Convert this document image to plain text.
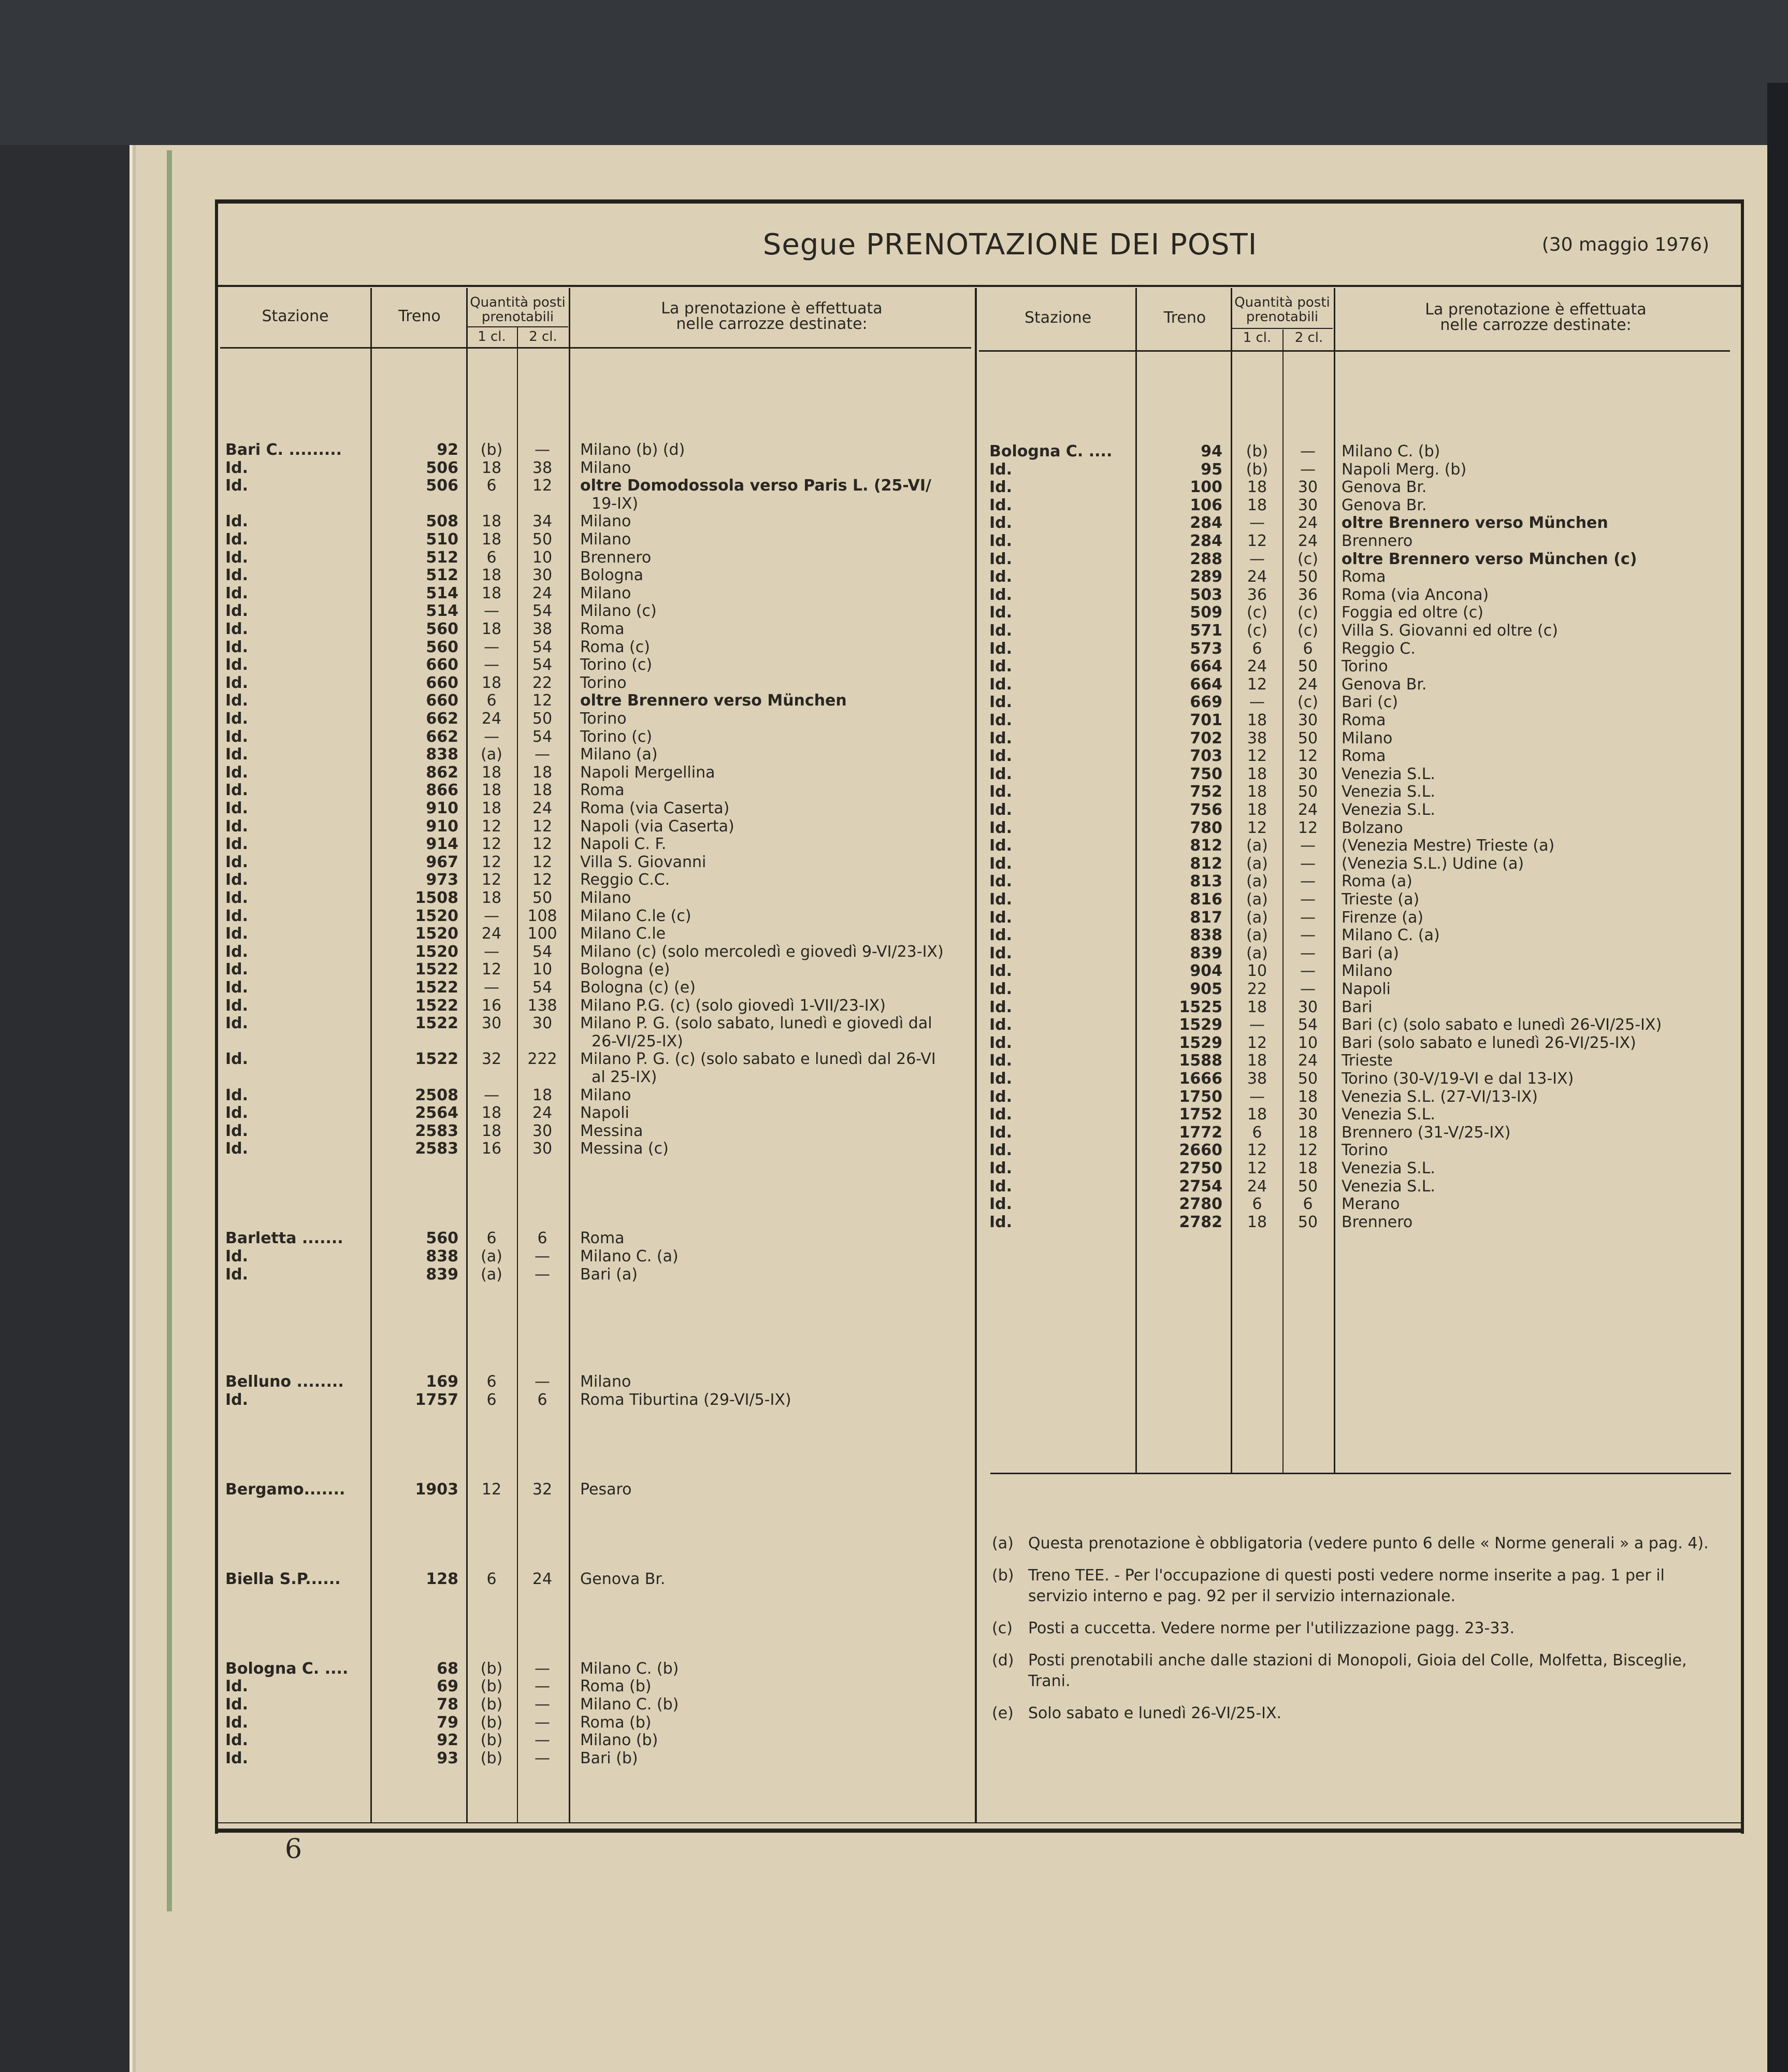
Segue PRENOTAZIONE DEI POSTI	(30 maggio 1976)
Stazione	Treno
Quantità posti
prenotabili
1 cl.	2 cl.
La prenotazione è effettuata
nelle carrozze destinate:	Stazione	Treno
Quantità posti
prenotabili
1 cl.	2 cl.
La prenotazione è effettuata
nelle carrozze destinate:
Bari C. .........	92	(b)	—	Milano (b) (d)
Id.	506	18	38	Milano
Id.	506	6	12	oltre Domodossola verso Paris L. (25-VI/
19-IX)
Id.	508	18	34	Milano
Id.	510	18	50	Milano
Id.	512	6	10	Brennero
Id.	512	18	30	Bologna
Id.	514	18	24	Milano
Id.	514	—	54	Milano (c)
Id.	560	18	38	Roma
Id.	560	—	54	Roma (c)
Id.	660	—	54	Torino (c)
Id.	660	18	22	Torino
Id.	660	6	12	oltre Brennero verso München
Id.	662	24	50	Torino
Id.	662	—	54	Torino (c)
Id.	838	(a)	—	Milano (a)
Id.	862	18	18	Napoli Mergellina
Id.	866	18	18	Roma
Id.	910	18	24	Roma (via Caserta)
Id.	910	12	12	Napoli (via Caserta)
Id.	914	12	12	Napoli C. F.
Id.	967	12	12	Villa S. Giovanni
Id.	973	12	12	Reggio C.C.
Id.	1508	18	50	Milano
Id.	1520	—	108	Milano C.le (c)
Id.	1520	24	100	Milano C.le
Id.	1520	—	54	Milano (c) (solo mercoledì e giovedì 9-VI/23-IX)
Id.	1522	12	10	Bologna (e)
Id.	1522	—	54	Bologna (c) (e)
Id.	1522	16	138	Milano P.G. (c) (solo giovedì 1-VII/23-IX)
Id.	1522	30	30	Milano P. G. (solo sabato, lunedì e giovedì dal
26-VI/25-IX)
Id.	1522	32	222	Milano P. G. (c) (solo sabato e lunedì dal 26-VI
al 25-IX)
Id.	2508	—	18	Milano
Id.	2564	18	24	Napoli
Id.	2583	18	30	Messina
Id.	2583	16	30	Messina (c)
Barletta .......	560	6	6	Roma
Id.	838	(a)	—	Milano C. (a)
Id.	839	(a)	—	Bari (a)
Belluno ........	169	6	—	Milano
Id.	1757	6	6	Roma Tiburtina (29-VI/5-IX)
Bergamo.......	1903	12	32	Pesaro
Biella S.P......	128	6	24	Genova Br.
Bologna C. ....	68	(b)	—	Milano C. (b)
Id.	69	(b)	—	Roma (b)
Id.	78	(b)	—	Milano C. (b)
Id.	79	(b)	—	Roma (b)
Id.	92	(b)	—	Milano (b)
Id.	93	(b)	—	Bari (b)
Bologna C. ....	94	(b)	—	Milano C. (b)
Id.	95	(b)	—	Napoli Merg. (b)
Id.	100	18	30	Genova Br.
Id.	106	18	30	Genova Br.
Id.	284	—	24	oltre Brennero verso München
Id.	284	12	24	Brennero
Id.	288	—	(c)	oltre Brennero verso München (c)
Id.	289	24	50	Roma
Id.	503	36	36	Roma (via Ancona)
Id.	509	(c)	(c)	Foggia ed oltre (c)
Id.	571	(c)	(c)	Villa S. Giovanni ed oltre (c)
Id.	573	6	6	Reggio C.
Id.	664	24	50	Torino
Id.	664	12	24	Genova Br.
Id.	669	—	(c)	Bari (c)
Id.	701	18	30	Roma
Id.	702	38	50	Milano
Id.	703	12	12	Roma
Id.	750	18	30	Venezia S.L.
Id.	752	18	50	Venezia S.L.
Id.	756	18	24	Venezia S.L.
Id.	780	12	12	Bolzano
Id.	812	(a)	—	(Venezia Mestre) Trieste (a)
Id.	812	(a)	—	(Venezia S.L.) Udine (a)
Id.	813	(a)	—	Roma (a)
Id.	816	(a)	—	Trieste (a)
Id.	817	(a)	—	Firenze (a)
Id.	838	(a)	—	Milano C. (a)
Id.	839	(a)	—	Bari (a)
Id.	904	10	—	Milano
Id.	905	22	—	Napoli
Id.	1525	18	30	Bari
Id.	1529	—	54	Bari (c) (solo sabato e lunedì 26-VI/25-IX)
Id.	1529	12	10	Bari (solo sabato e lunedì 26-VI/25-IX)
Id.	1588	18	24	Trieste
Id.	1666	38	50	Torino (30-V/19-VI e dal 13-IX)
Id.	1750	—	18	Venezia S.L. (27-VI/13-IX)
Id.	1752	18	30	Venezia S.L.
Id.	1772	6	18	Brennero (31-V/25-IX)
Id.	2660	12	12	Torino
Id.	2750	12	18	Venezia S.L.
Id.	2754	24	50	Venezia S.L.
Id.	2780	6	6	Merano
Id.	2782	18	50	Brennero
(a) Questa prenotazione è obbligatoria (vedere punto 6 delle « Norme generali » a pag. 4).
(b) Treno TEE. - Per l'occupazione di questi posti vedere norme inserite a pag. 1 per il servizio interno e pag. 92 per il servizio internazionale.
(c) Posti a cuccetta. Vedere norme per l'utilizzazione pagg. 23-33.
(d) Posti prenotabili anche dalle stazioni di Monopoli, Gioia del Colle, Molfetta, Bisceglie, Trani.
(e) Solo sabato e lunedì 26-VI/25-IX.
6
